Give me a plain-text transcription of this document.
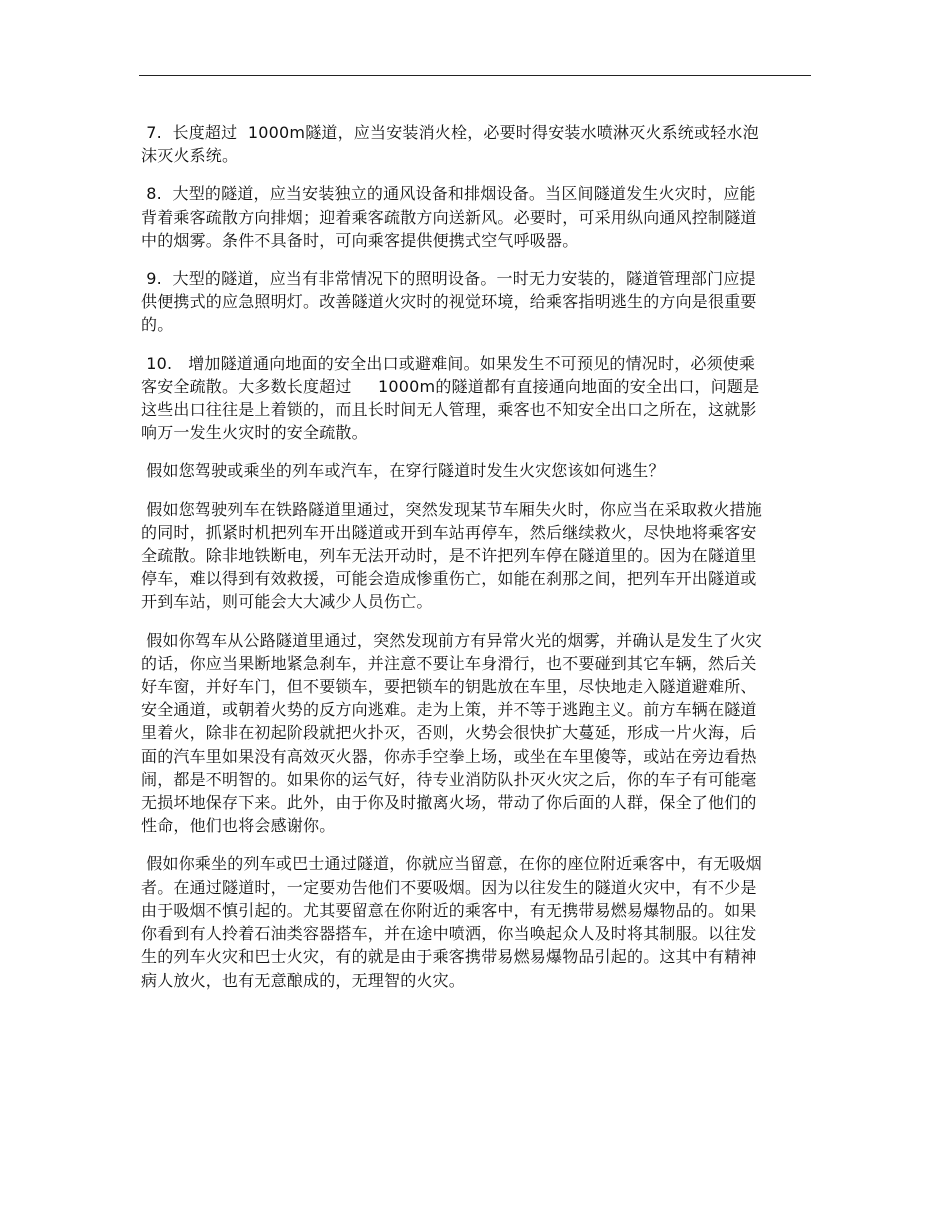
7.  长度超过  1000m隧道，应当安装消火栓，必要时得安装水喷淋灭火系统或轻水泡沫灭火系统。

8.  大型的隧道，应当安装独立的通风设备和排烟设备。当区间隧道发生火灾时，应能背着乘客疏散方向排烟；迎着乘客疏散方向送新风。必要时，可采用纵向通风控制隧道中的烟雾。条件不具备时，可向乘客提供便携式空气呼吸器。

9.  大型的隧道，应当有非常情况下的照明设备。一时无力安装的，隧道管理部门应提供便携式的应急照明灯。改善隧道火灾时的视觉环境，给乘客指明逃生的方向是很重要的。

10.   增加隧道通向地面的安全出口或避难间。如果发生不可预见的情况时，必须使乘客安全疏散。大多数长度超过     1000m的隧道都有直接通向地面的安全出口，问题是这些出口往往是上着锁的，而且长时间无人管理，乘客也不知安全出口之所在，这就影响万一发生火灾时的安全疏散。

假如您驾驶或乘坐的列车或汽车，在穿行隧道时发生火灾您该如何逃生？

假如您驾驶列车在铁路隧道里通过，突然发现某节车厢失火时，你应当在采取救火措施的同时，抓紧时机把列车开出隧道或开到车站再停车，然后继续救火，尽快地将乘客安全疏散。除非地铁断电，列车无法开动时，是不许把列车停在隧道里的。因为在隧道里停车，难以得到有效救援，可能会造成惨重伤亡，如能在刹那之间，把列车开出隧道或开到车站，则可能会大大减少人员伤亡。

假如你驾车从公路隧道里通过，突然发现前方有异常火光的烟雾，并确认是发生了火灾的话，你应当果断地紧急刹车，并注意不要让车身滑行，也不要碰到其它车辆，然后关好车窗，并好车门，但不要锁车，要把锁车的钥匙放在车里，尽快地走入隧道避难所、安全通道，或朝着火势的反方向逃难。走为上策，并不等于逃跑主义。前方车辆在隧道里着火，除非在初起阶段就把火扑灭，否则，火势会很快扩大蔓延，形成一片火海，后面的汽车里如果没有高效灭火器，你赤手空拳上场，或坐在车里傻等，或站在旁边看热闹，都是不明智的。如果你的运气好，待专业消防队扑灭火灾之后，你的车子有可能毫无损坏地保存下来。此外，由于你及时撤离火场，带动了你后面的人群，保全了他们的性命，他们也将会感谢你。

假如你乘坐的列车或巴士通过隧道，你就应当留意，在你的座位附近乘客中，有无吸烟者。在通过隧道时，一定要劝告他们不要吸烟。因为以往发生的隧道火灾中，有不少是由于吸烟不慎引起的。尤其要留意在你附近的乘客中，有无携带易燃易爆物品的。如果你看到有人拎着石油类容器搭车，并在途中喷洒，你当唤起众人及时将其制服。以往发生的列车火灾和巴士火灾，有的就是由于乘客携带易燃易爆物品引起的。这其中有精神病人放火，也有无意酿成的，无理智的火灾。
